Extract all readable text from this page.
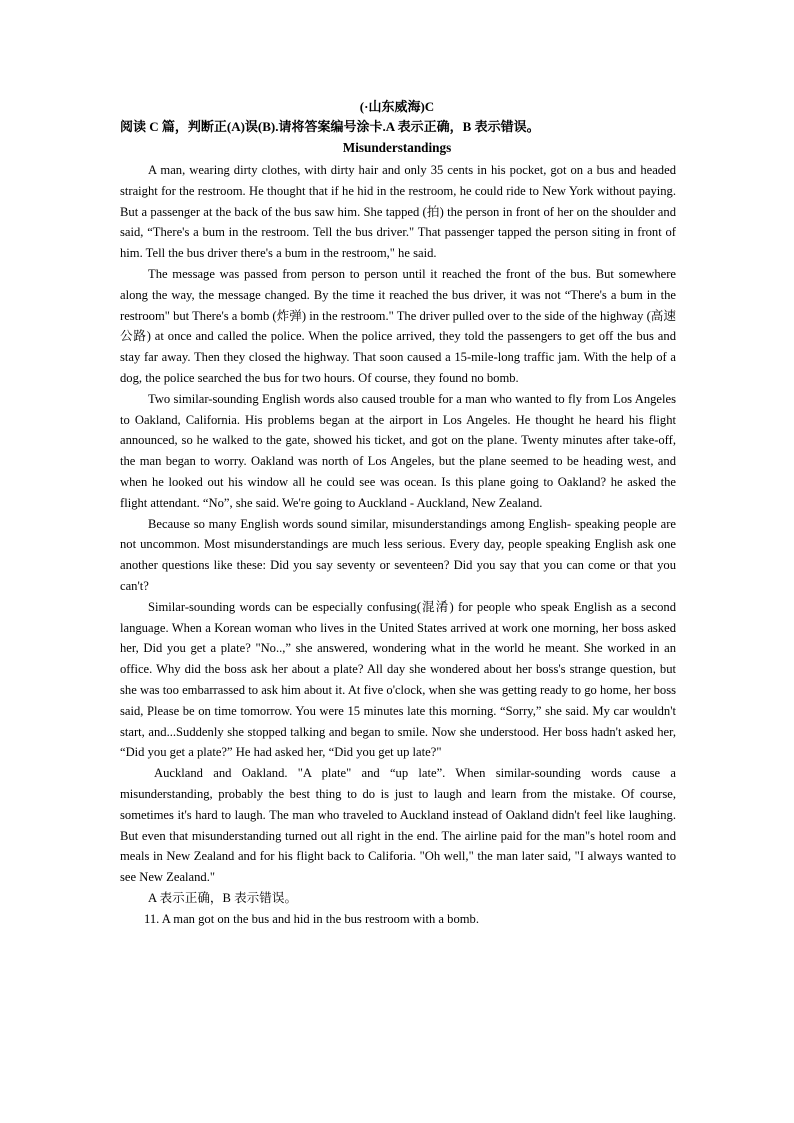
(·山东威海)C
阅读 C 篇，判断正(A)误(B).请将答案编号涂卡.A 表示正确，B 表示错误。
Misunderstandings

A man, wearing dirty clothes, with dirty hair and only 35 cents in his pocket, got on a bus and headed straight for the restroom. He thought that if he hid in the restroom, he could ride to New York without paying. But a passenger at the back of the bus saw him. She tapped (拍) the person in front of her on the shoulder and said, “There's a bum in the restroom. Tell the bus driver." That passenger tapped the person siting in front of him. Tell the bus driver there's a bum in the restroom," he said.

The message was passed from person to person until it reached the front of the bus. But somewhere along the way, the message changed. By the time it reached the bus driver, it was not “There's a bum in the restroom" but There's a bomb (炸弹) in the restroom." The driver pulled over to the side of the highway (高速公路) at once and called the police. When the police arrived, they told the passengers to get off the bus and stay far away. Then they closed the highway. That soon caused a 15-mile-long traffic jam. With the help of a dog, the police searched the bus for two hours. Of course, they found no bomb.

Two similar-sounding English words also caused trouble for a man who wanted to fly from Los Angeles to Oakland, California. His problems began at the airport in Los Angeles. He thought he heard his flight announced, so he walked to the gate, showed his ticket, and got on the plane. Twenty minutes after take-off, the man began to worry. Oakland was north of Los Angeles, but the plane seemed to be heading west, and when he looked out his window all he could see was ocean. Is this plane going to Oakland? he asked the flight attendant. “No”, she said. We're going to Auckland - Auckland, New Zealand.

Because so many English words sound similar, misunderstandings among English- speaking people are not uncommon. Most misunderstandings are much less serious. Every day, people speaking English ask one another questions like these: Did you say seventy or seventeen? Did you say that you can come or that you can't?

Similar-sounding words can be especially confusing(混淆) for people who speak English as a second language. When a Korean woman who lives in the United States arrived at work one morning, her boss asked her, Did you get a plate? "No..,” she answered, wondering what in the world he meant. She worked in an office. Why did the boss ask her about a plate? All day she wondered about her boss's strange question, but she was too embarrassed to ask him about it. At five o'clock, when she was getting ready to go home, her boss said, Please be on time tomorrow. You were 15 minutes late this morning. “Sorry,” she said. My car wouldn't start, and...Suddenly she stopped talking and began to smile. Now she understood. Her boss hadn't asked her, “Did you get a plate?” He had asked her, “Did you get up late?"

Auckland and Oakland. "A plate" and “up late”. When similar-sounding words cause a misunderstanding, probably the best thing to do is just to laugh and learn from the mistake. Of course, sometimes it's hard to laugh. The man who traveled to Auckland instead of Oakland didn't feel like laughing. But even that misunderstanding turned out all right in the end. The airline paid for the man"s hotel room and meals in New Zealand and for his flight back to Califoria. "Oh well," the man later said, "I always wanted to see New Zealand."

A 表示正确，B 表示错误。
11. A man got on the bus and hid in the bus restroom with a bomb.
